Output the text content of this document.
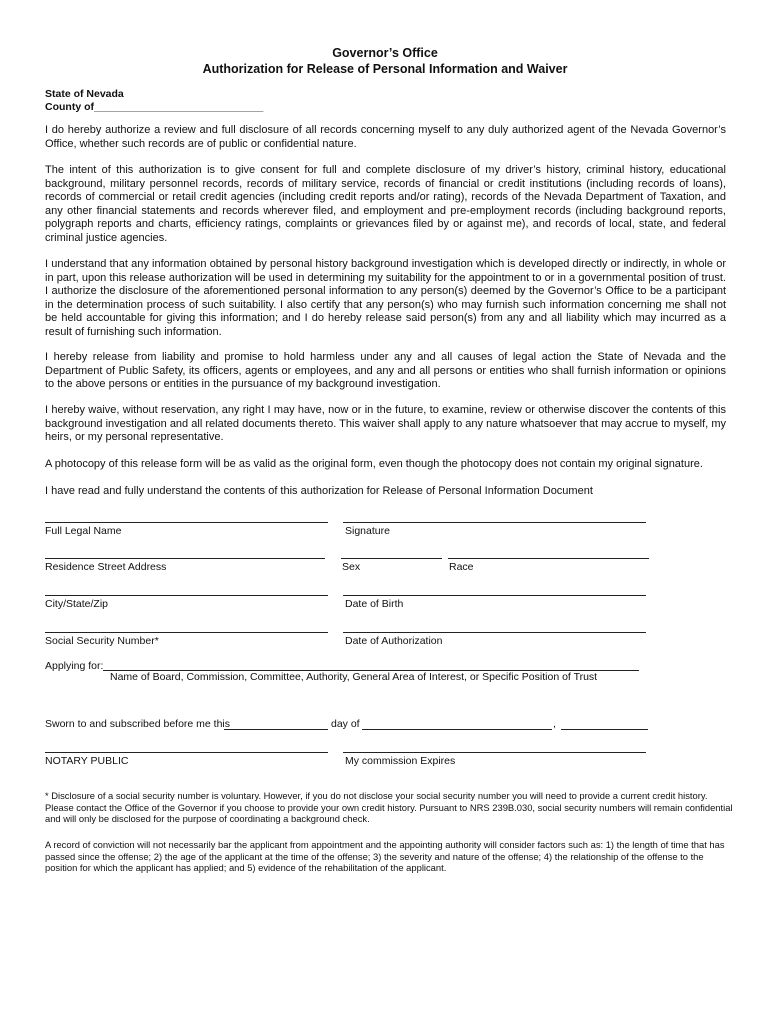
Governor’s Office
Authorization for Release of Personal Information and Waiver
State of Nevada
County of_____________________________

I do hereby authorize a review and full disclosure of all records concerning myself to any duly authorized agent of the Nevada Governor’s Office, whether such records are of public or confidential nature.

The intent of this authorization is to give consent for full and complete disclosure of my driver’s history, criminal history, educational background, military personnel records, records of military service, records of financial or credit institutions (including records of loans), records of commercial or retail credit agencies (including credit reports and/or rating), records of the Nevada Department of Taxation, and any other financial statements and records wherever filed, and employment and pre-employment records (including background reports, polygraph reports and charts, efficiency ratings, complaints or grievances filed by or against me), and records of local, state, and federal criminal justice agencies.

I understand that any information obtained by personal history background investigation which is developed directly or indirectly, in whole or in part, upon this release authorization will be used in determining my suitability for the appointment to or in a governmental position of trust. I authorize the disclosure of the aforementioned personal information to any person(s) deemed by the Governor’s Office to be a participant in the determination process of such suitability. I also certify that any person(s) who may furnish such information concerning me shall not be held accountable for giving this information; and I do hereby release said person(s) from any and all liability which may incurred as a result of furnishing such information.

I hereby release from liability and promise to hold harmless under any and all causes of legal action the State of Nevada and the Department of Public Safety, its officers, agents or employees, and any and all persons or entities who shall furnish information or opinions to the above persons or entities in the pursuance of my background investigation.

I hereby waive, without reservation, any right I may have, now or in the future, to examine, review or otherwise discover the contents of this background investigation and all related documents thereto. This waiver shall apply to any nature whatsoever that may accrue to myself, my heirs, or my personal representative.

A photocopy of this release form will be as valid as the original form, even though the photocopy does not contain my original signature.

I have read and fully understand the contents of this authorization for Release of Personal Information Document

Full Legal Name	Signature
Residence Street Address	Sex	Race
City/State/Zip	Date of Birth
Social Security Number*	Date of Authorization
Applying for:
Name of Board, Commission, Committee, Authority, General Area of Interest, or Specific Position of Trust
Sworn to and subscribed before me this	day of	,
NOTARY PUBLIC	My commission Expires

* Disclosure of a social security number is voluntary. However, if you do not disclose your social security number you will need to provide a current credit history. Please contact the Office of the Governor if you choose to provide your own credit history. Pursuant to NRS 239B.030, social security numbers will remain confidential and will only be disclosed for the purpose of coordinating a background check.

A record of conviction will not necessarily bar the applicant from appointment and the appointing authority will consider factors such as: 1) the length of time that has passed since the offense; 2) the age of the applicant at the time of the offense; 3) the severity and nature of the offense; 4) the relationship of the offense to the position for which the applicant has applied; and 5) evidence of the rehabilitation of the applicant.
